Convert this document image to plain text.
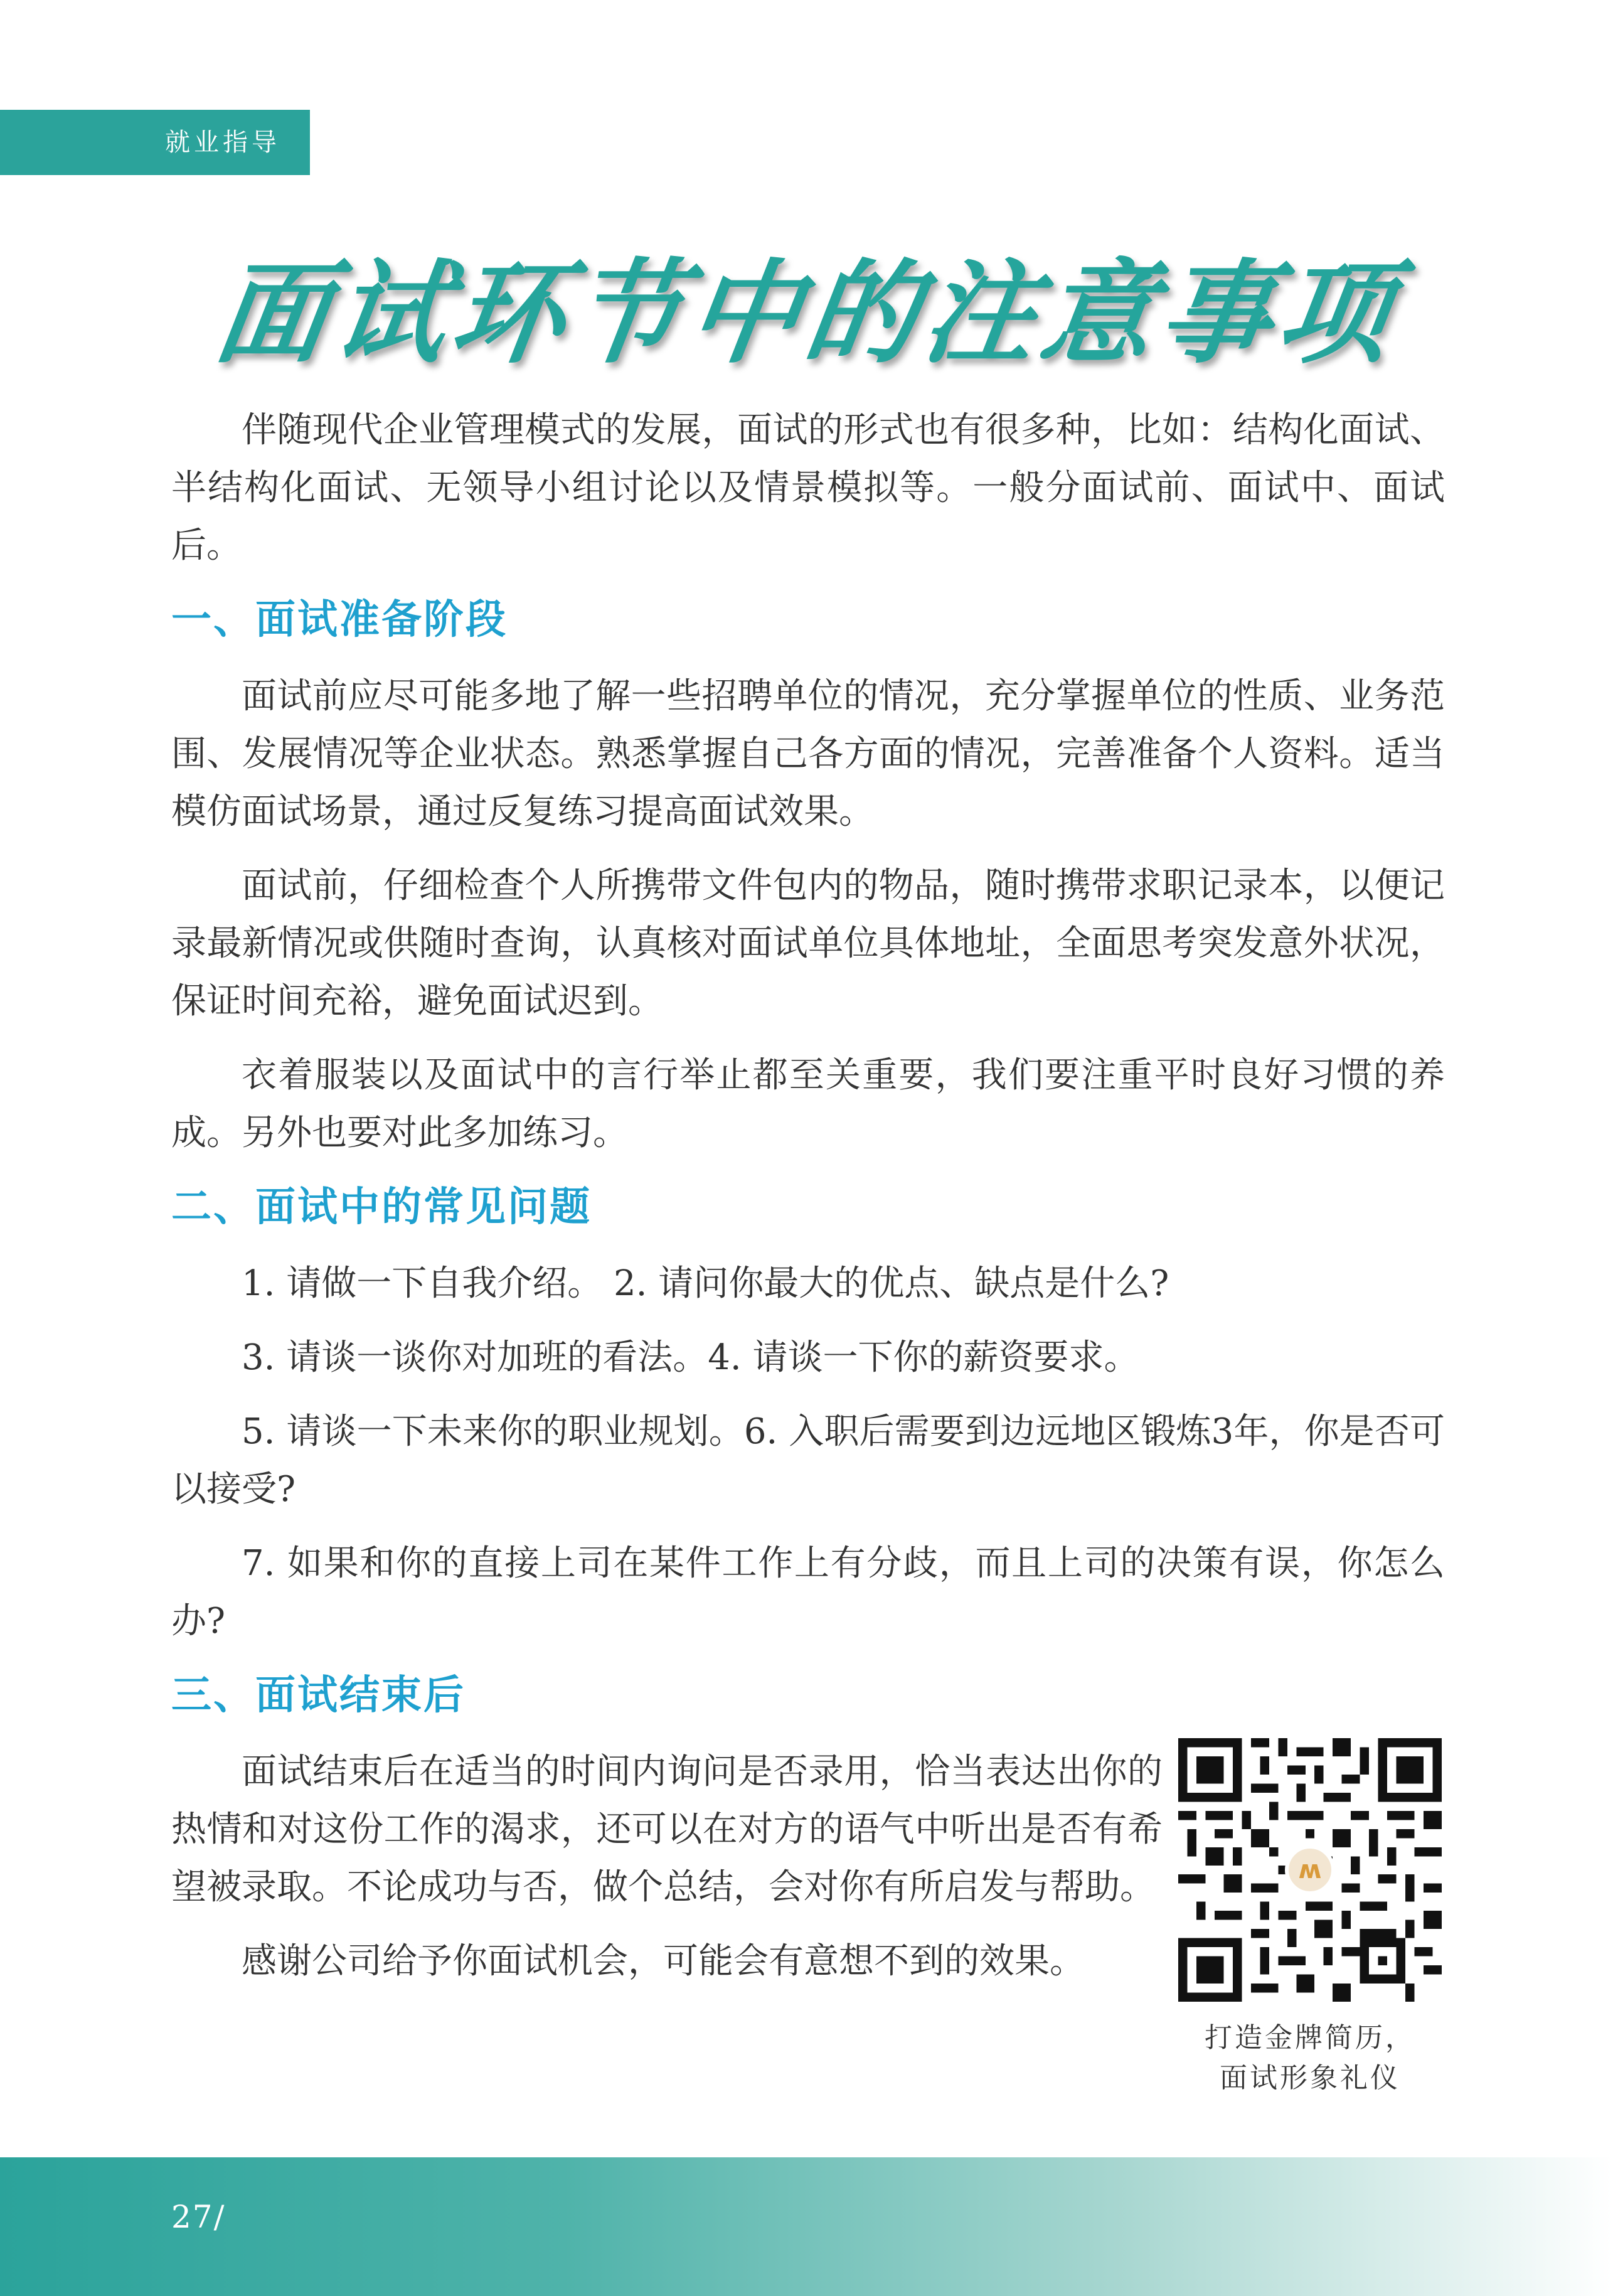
就业指导
面试环节中的注意事项

伴随现代企业管理模式的发展，面试的形式也有很多种，比如：结构化面试、半结构化面试、无领导小组讨论以及情景模拟等。一般分面试前、面试中、面试后。

一、面试准备阶段

面试前应尽可能多地了解一些招聘单位的情况，充分掌握单位的性质、业务范围、发展情况等企业状态。熟悉掌握自己各方面的情况，完善准备个人资料。适当模仿面试场景，通过反复练习提高面试效果。

面试前，仔细检查个人所携带文件包内的物品，随时携带求职记录本，以便记录最新情况或供随时查询，认真核对面试单位具体地址，全面思考突发意外状况，保证时间充裕，避免面试迟到。

衣着服装以及面试中的言行举止都至关重要，我们要注重平时良好习惯的养成。另外也要对此多加练习。

二、面试中的常见问题

1. 请做一下自我介绍。 2. 请问你最大的优点、缺点是什么?

3. 请谈一谈你对加班的看法。4. 请谈一下你的薪资要求。

5. 请谈一下未来你的职业规划。6. 入职后需要到边远地区锻炼3年，你是否可以接受?

7. 如果和你的直接上司在某件工作上有分歧，而且上司的决策有误，你怎么办?

三、面试结束后

面试结束后在适当的时间内询问是否录用，恰当表达出你的热情和对这份工作的渴求，还可以在对方的语气中听出是否有希望被录取。不论成功与否，做个总结，会对你有所启发与帮助。

感谢公司给予你面试机会，可能会有意想不到的效果。

ʍ
打造金牌简历，
面试形象礼仪
27/
